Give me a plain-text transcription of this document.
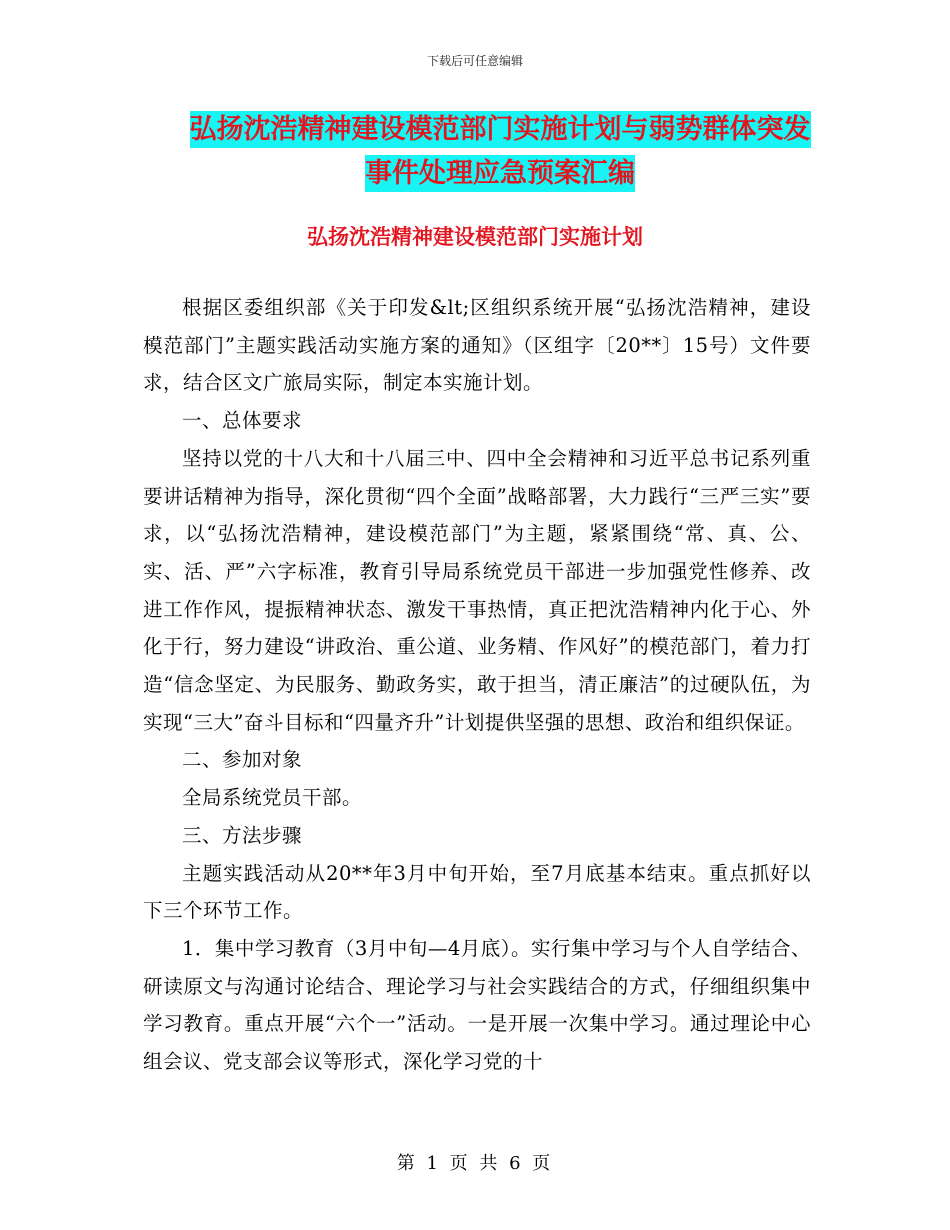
下载后可任意编辑
弘扬沈浩精神建设模范部门实施计划与弱势群体突发
事件处理应急预案汇编
弘扬沈浩精神建设模范部门实施计划

根据区委组织部《关于印发&lt;区组织系统开展“弘扬沈浩精神，建设模范部门”主题实践活动实施方案的通知》（区组字〔20**〕15号）文件要求，结合区文广旅局实际，制定本实施计划。

一、总体要求

坚持以党的十八大和十八届三中、四中全会精神和习近平总书记系列重要讲话精神为指导，深化贯彻“四个全面”战略部署，大力践行“三严三实”要求，以“弘扬沈浩精神，建设模范部门”为主题，紧紧围绕“常、真、公、实、活、严”六字标准，教育引导局系统党员干部进一步加强党性修养、改进工作作风，提振精神状态、激发干事热情，真正把沈浩精神内化于心、外化于行，努力建设“讲政治、重公道、业务精、作风好”的模范部门，着力打造“信念坚定、为民服务、勤政务实，敢于担当，清正廉洁”的过硬队伍，为实现“三大”奋斗目标和“四量齐升”计划提供坚强的思想、政治和组织保证。

二、参加对象

全局系统党员干部。

三、方法步骤

主题实践活动从20**年3月中旬开始，至7月底基本结束。重点抓好以下三个环节工作。

1．集中学习教育（3月中旬—4月底）。实行集中学习与个人自学结合、研读原文与沟通讨论结合、理论学习与社会实践结合的方式，仔细组织集中学习教育。重点开展“六个一”活动。一是开展一次集中学习。通过理论中心组会议、党支部会议等形式，深化学习党的十

第 1 页 共 6 页
